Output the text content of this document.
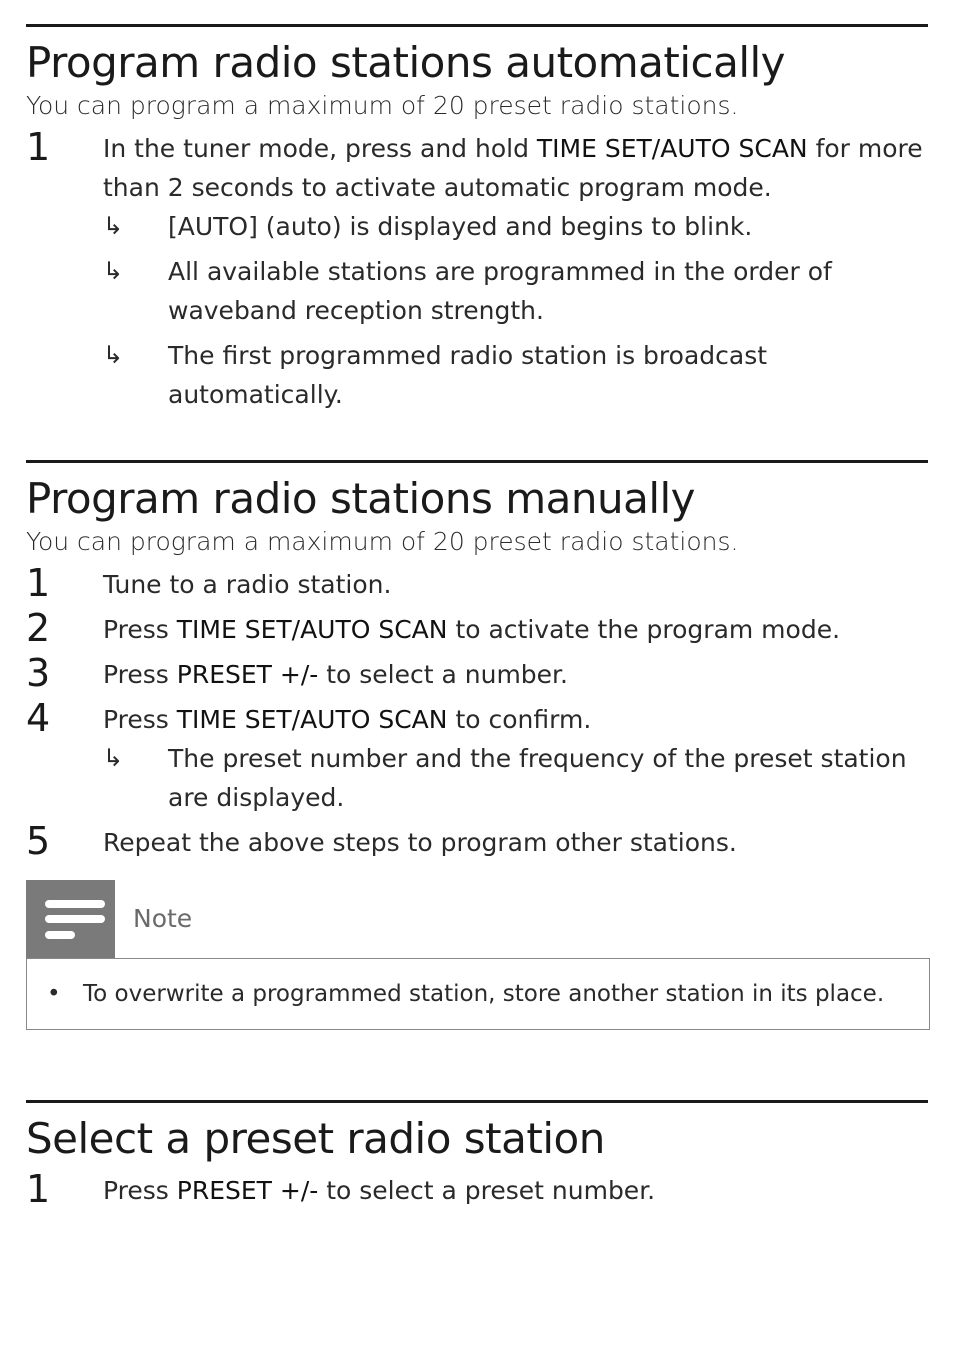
Program radio stations automatically

You can program a maximum of 20 preset radio stations.

1	In the tuner mode, press and hold TIME SET/AUTO SCAN for more than 2 seconds to activate automatic program mode.
↳	[AUTO] (auto) is displayed and begins to blink.
↳	All available stations are programmed in the order of waveband reception strength.
↳	The first programmed radio station is broadcast automatically.
Program radio stations manually

You can program a maximum of 20 preset radio stations.

1	Tune to a radio station.
2	Press TIME SET/AUTO SCAN to activate the program mode.
3	Press PRESET +/- to select a number.
4	Press TIME SET/AUTO SCAN to confirm.
↳	The preset number and the frequency of the preset station are displayed.
5	Repeat the above steps to program other stations.
Note
• To overwrite a programmed station, store another station in its place.
Select a preset radio station
1	Press PRESET +/- to select a preset number.
